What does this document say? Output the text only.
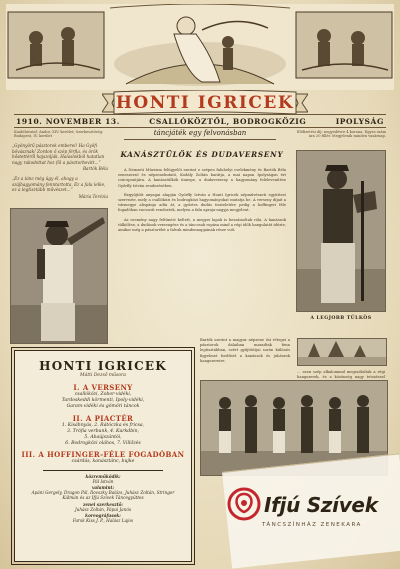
HONTI IGRICEK
1910. NOVEMBER 13.	CSALLÓKÖZTŐL, BODROGKÖZIG	IPOLYSÁG
Kiadóhivatal: Andor, XIV. kerület; Szerkesztőség: Budapest, IV. kerület	táncjáték egy felvonásban	Előfizetési díj: negyedévre 4 korona. Egyes szám ára 20 fillér. Megjelenik minden vasárnap.
„Gyönyörű pásztorok emberei! Ha Gyöfi bóvásznak! Zordon ő szép férfia, és örök hőstettéről hajszolják. Halaslokból hatatlan nagy rakodottat hoz föl a pásztorbevitt...”
Bartók Béla
„Ez a tánc még úgy él, ahogy a szájhagyomány fenntartotta. Ez a falu lelke, ez a legtisztább művészet...”
Mária Terézia
KANÁSZTÜLÖK ÉS DUDAVERSENY

A Nemzeti Múzeum felügyelői szerint e szépen faluhelyi cselekmény és Bartók Béla zeneszerző és népzenekutató, Kodály Zoltán barátja, a mai napon Ipolyságon ért csúcspontjára. A kanásztülkök ünnepe, a dudaverseny a hagyomány felelevenítése Győrffy István rendezésében.

Begyűjtött anyagai alapján Győrffy István a Honti Igricek népművészeti együttest szervezte, mely a csallóközi és bodrogközi hagyományokat mutatja be. A verseny díjait a vármegye alispánja adta át, a győztes dudás tiszteletére pedig a hoffingeri féle fogadóban vacsorát rendeztek, melyen a falu apraja-nagyja megjelent.

Az esemény nagy feltűnést keltett, a megyei lapok is beszámoltak róla. A kanászok tülkölése, a dudások versengése és a táncosok ropása mind a régi idők hangulatát idézte, amikor még a pásztorélet a falvak mindennapjainak része volt.

A LEGJOBB TÜLKÖS
... ezen szép alkalommal megszólaltak a régi hangszerek, és a közönség nagy tetszéssel
Bartók szerint a magyar népzene ősi rétegei a pásztorok dalaiban maradtak fenn legtisztábban, ezért gyűjtőútjai során különös figyelmet fordított a kanászok és juhászok hangszereire.
HONTI IGRICEK
Mátti Dezső műsora
I. A VERSENY
csallóközi, Zobor-vidéki,
Tardoskeddi körmenti, Ipoly-vidéki,
Garam-vidéki és gömöri táncok
II. A PIACTÉR
1. Kisáhnyás, 2. Rátóczka és fricsa,
3. Trófia verbunk, 4. Kurkdbin,
5. Abaújszántói,
6. Bodrogközi oláhos, 7. Villőzés
III. A HOFFINGER-FÉLE FOGADÓBAN
csárdás, kanásztánc, bujke
közreműködik:
Pál István
valamint:
Apáni Gergely, Dragon Pál, Ilovszky Balázs, Juhász Zoltán, Stringer Kálmán és az Ifjú Szívek Táncegyüttes
zenei szerkesztő:
Juhász Zoltán, Pápai Janós
koreográfusok:
Farsk Kiss J. P., Halász Lajos
Ifjú Szívek
TÁNCSZÍNHÁZ ZENEKARA
